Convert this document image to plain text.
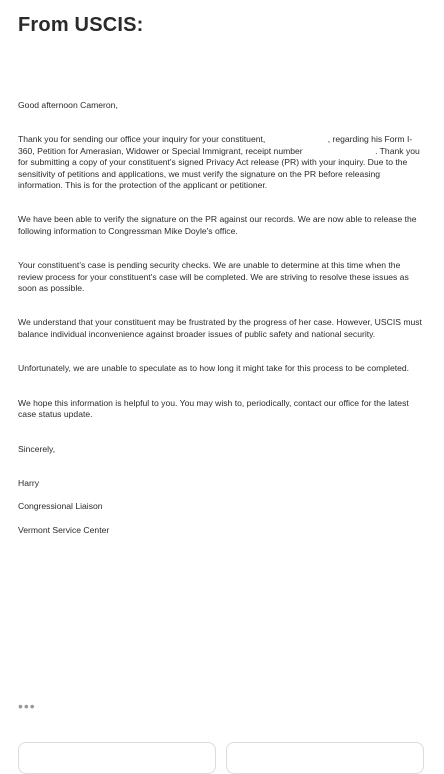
From USCIS:

Good afternoon Cameron,

Thank you for sending our office your inquiry for your constituent,	, regarding his Form I-360, Petition for Amerasian, Widower or Special Immigrant, receipt number	. Thank you for submitting a copy of your constituent's signed Privacy Act release (PR) with your inquiry. Due to the sensitivity of petitions and applications, we must verify the signature on the PR before releasing information. This is for the protection of the applicant or petitioner.

We have been able to verify the signature on the PR against our records. We are now able to release the following information to Congressman Mike Doyle's office.

Your constituent's case is pending security checks. We are unable to determine at this time when the review process for your constituent's case will be completed. We are striving to resolve these issues as soon as possible.

We understand that your constituent may be frustrated by the progress of her case. However, USCIS must balance individual inconvenience against broader issues of public safety and national security.

Unfortunately, we are unable to speculate as to how long it might take for this process to be completed.

We hope this information is helpful to you. You may wish to, periodically, contact our office for the latest case status update.

Sincerely,

Harry

Congressional Liaison

Vermont Service Center

•••
